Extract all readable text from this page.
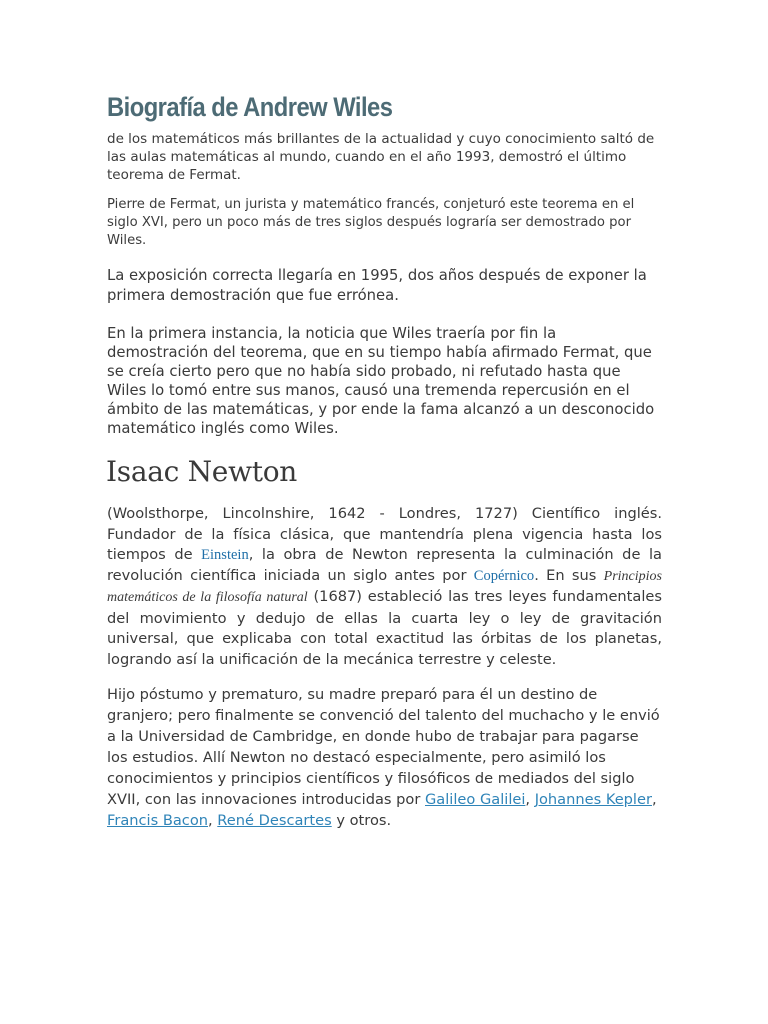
Biografía de Andrew Wiles

de los matemáticos más brillantes de la actualidad y cuyo conocimiento saltó de las aulas matemáticas al mundo, cuando en el año 1993, demostró el último teorema de Fermat.

Pierre de Fermat, un jurista y matemático francés, conjeturó este teorema en el siglo XVI, pero un poco más de tres siglos después lograría ser demostrado por Wiles.

La exposición correcta llegaría en 1995, dos años después de exponer la primera demostración que fue errónea.

En la primera instancia, la noticia que Wiles traería por fin la demostración del teorema, que en su tiempo había afirmado Fermat, que se creía cierto pero que no había sido probado, ni refutado hasta que Wiles lo tomó entre sus manos, causó una tremenda repercusión en el ámbito de las matemáticas, y por ende la fama alcanzó a un desconocido matemático inglés como Wiles.

Isaac Newton

(Woolsthorpe, Lincolnshire, 1642 - Londres, 1727) Científico inglés. Fundador de la física clásica, que mantendría plena vigencia hasta los tiempos de Einstein, la obra de Newton representa la culminación de la revolución científica iniciada un siglo antes por Copérnico. En sus Principios matemáticos de la filosofía natural (1687) estableció las tres leyes fundamentales del movimiento y dedujo de ellas la cuarta ley o ley de gravitación universal, que explicaba con total exactitud las órbitas de los planetas, logrando así la unificación de la mecánica terrestre y celeste.

Hijo póstumo y prematuro, su madre preparó para él un destino de granjero; pero finalmente se convenció del talento del muchacho y le envió a la Universidad de Cambridge, en donde hubo de trabajar para pagarse los estudios. Allí Newton no destacó especialmente, pero asimiló los conocimientos y principios científicos y filosóficos de mediados del siglo XVII, con las innovaciones introducidas por Galileo Galilei, Johannes Kepler, Francis Bacon, René Descartes y otros.
